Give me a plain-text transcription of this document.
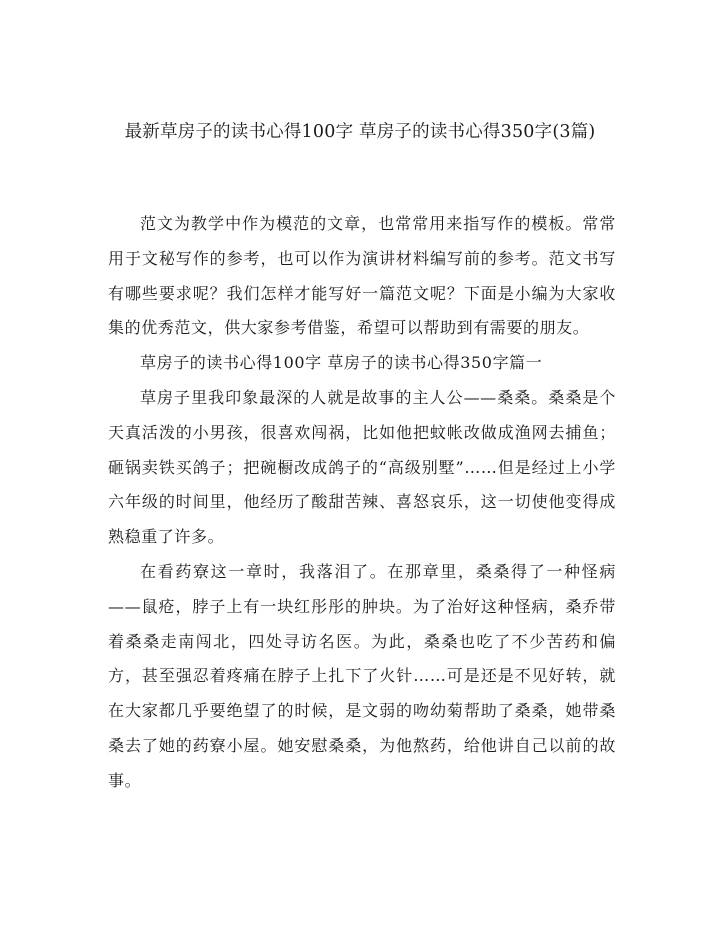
最新草房子的读书心得100字 草房子的读书心得350字(3篇)

范文为教学中作为模范的文章，也常常用来指写作的模板。常常用于文秘写作的参考，也可以作为演讲材料编写前的参考。范文书写有哪些要求呢？我们怎样才能写好一篇范文呢？下面是小编为大家收集的优秀范文，供大家参考借鉴，希望可以帮助到有需要的朋友。

草房子的读书心得100字 草房子的读书心得350字篇一

草房子里我印象最深的人就是故事的主人公——桑桑。桑桑是个天真活泼的小男孩，很喜欢闯祸，比如他把蚊帐改做成渔网去捕鱼；砸锅卖铁买鸽子；把碗橱改成鸽子的“高级别墅”……但是经过上小学六年级的时间里，他经历了酸甜苦辣、喜怒哀乐，这一切使他变得成熟稳重了许多。

在看药寮这一章时，我落泪了。在那章里，桑桑得了一种怪病——鼠疮，脖子上有一块红彤彤的肿块。为了治好这种怪病，桑乔带着桑桑走南闯北，四处寻访名医。为此，桑桑也吃了不少苦药和偏方，甚至强忍着疼痛在脖子上扎下了火针……可是还是不见好转，就在大家都几乎要绝望了的时候，是文弱的吻幼菊帮助了桑桑，她带桑桑去了她的药寮小屋。她安慰桑桑，为他熬药，给他讲自己以前的故事。
